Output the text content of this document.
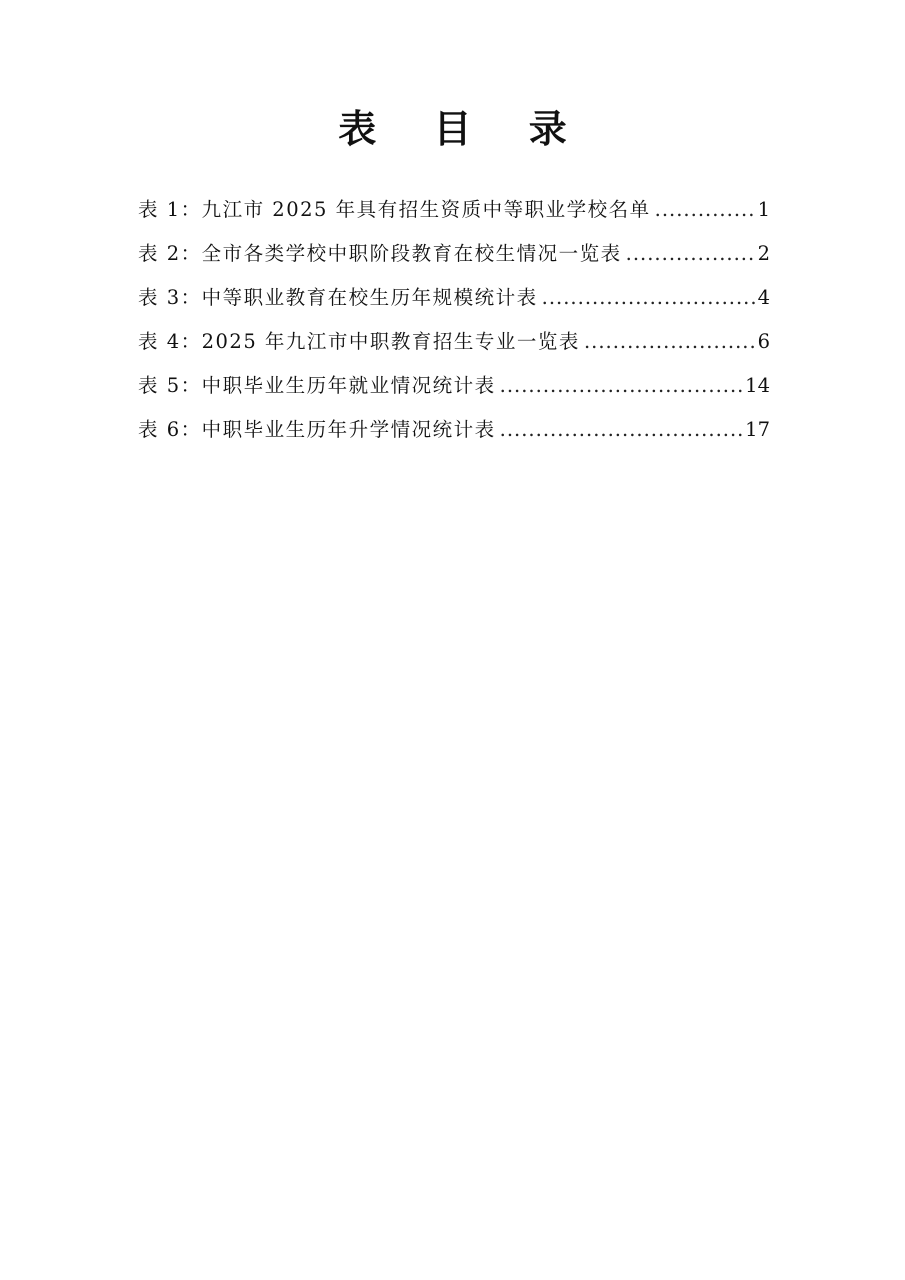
表 目 录
表 1： 九江市 2025 年具有招生资质中等职业学校名单 .....	1
表 2： 全市各类学校中职阶段教育在校生情况一览表 .....	2
表 3： 中等职业教育在校生历年规模统计表 .....	4
表 4： 2025 年九江市中职教育招生专业一览表 .....	6
表 5： 中职毕业生历年就业情况统计表 .....	14
表 6： 中职毕业生历年升学情况统计表 .....	17
